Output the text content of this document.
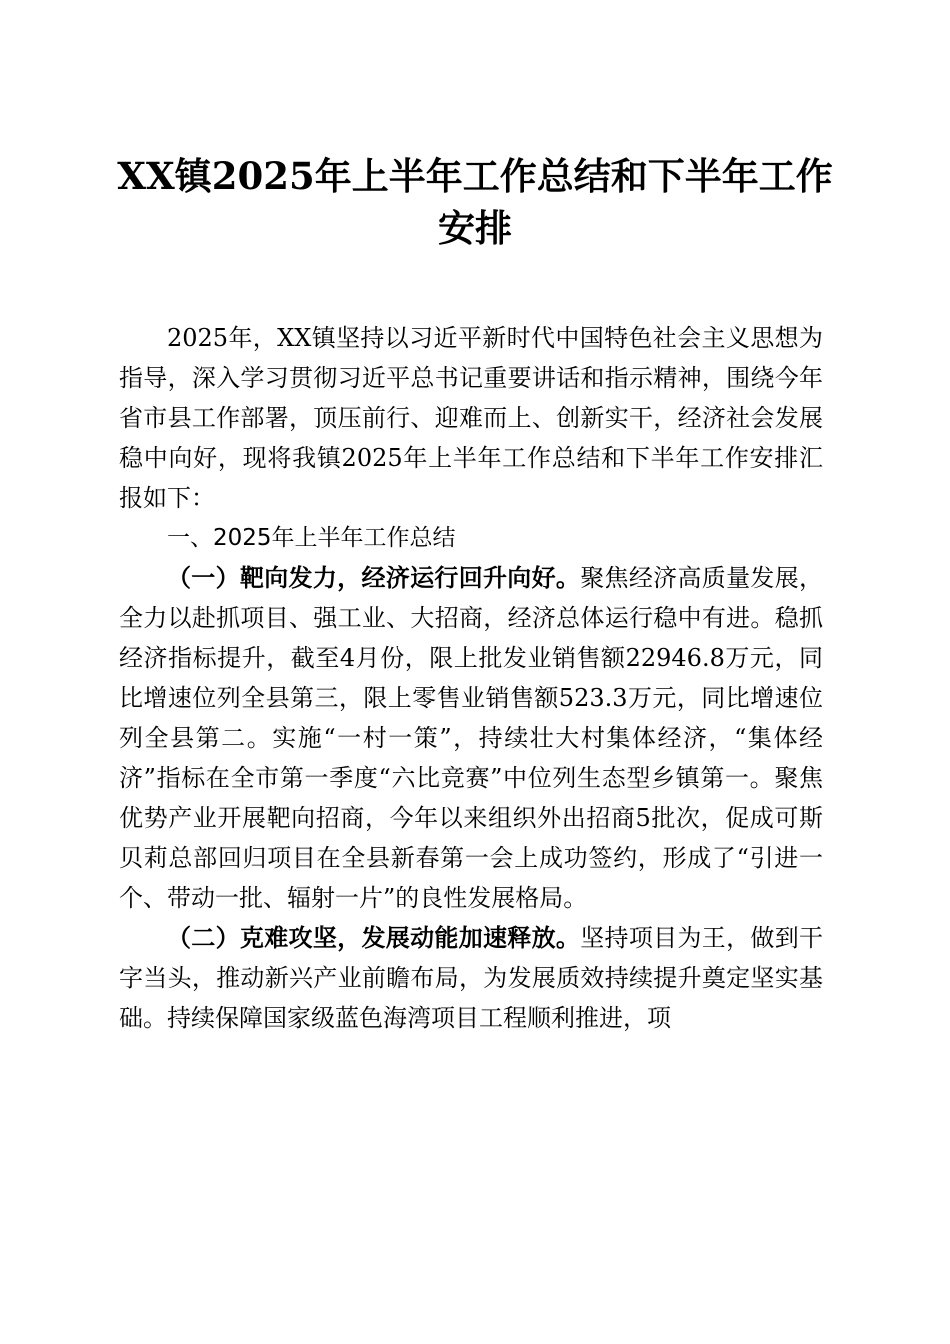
XX镇2025年上半年工作总结和下半年工作安排

2025年，XX镇坚持以习近平新时代中国特色社会主义思想为指导，深入学习贯彻习近平总书记重要讲话和指示精神，围绕今年省市县工作部署，顶压前行、迎难而上、创新实干，经济社会发展稳中向好，现将我镇2025年上半年工作总结和下半年工作安排汇报如下：

一、2025年上半年工作总结

（一）靶向发力，经济运行回升向好。聚焦经济高质量发展，全力以赴抓项目、强工业、大招商，经济总体运行稳中有进。稳抓经济指标提升，截至4月份，限上批发业销售额22946.8万元，同比增速位列全县第三，限上零售业销售额523.3万元，同比增速位列全县第二。实施“一村一策”，持续壮大村集体经济，“集体经济”指标在全市第一季度“六比竞赛”中位列生态型乡镇第一。聚焦优势产业开展靶向招商，今年以来组织外出招商5批次，促成可斯贝莉总部回归项目在全县新春第一会上成功签约，形成了“引进一个、带动一批、辐射一片”的良性发展格局。

（二）克难攻坚，发展动能加速释放。坚持项目为王，做到干字当头，推动新兴产业前瞻布局，为发展质效持续提升奠定坚实基础。持续保障国家级蓝色海湾项目工程顺利推进，项
